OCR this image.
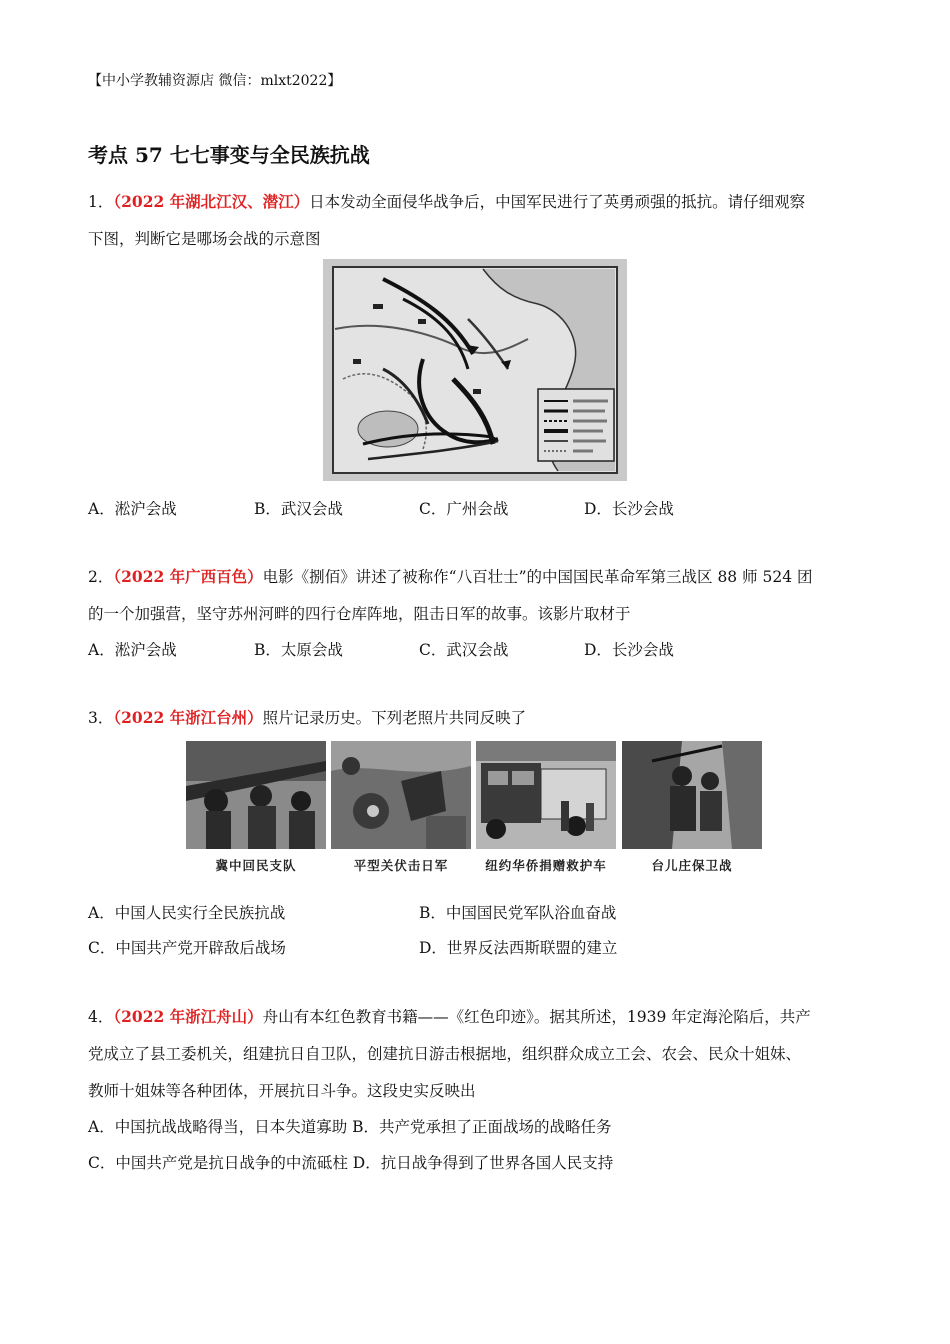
【中小学教辅资源店 微信：mlxt2022】
考点 57 七七事变与全民族抗战

1．（2022 年湖北江汉、潜江）日本发动全面侵华战争后，中国军民进行了英勇顽强的抵抗。请仔细观察

下图，判断它是哪场会战的示意图

A．淞沪会战	B．武汉会战	C．广州会战	D．长沙会战

2．（2022 年广西百色）电影《捌佰》讲述了被称作“八百壮士”的中国国民革命军第三战区 88 师 524 团

的一个加强营，坚守苏州河畔的四行仓库阵地，阻击日军的故事。该影片取材于

A．淞沪会战	B．太原会战	C．武汉会战	D．长沙会战

3．（2022 年浙江台州）照片记录历史。下列老照片共同反映了

冀中回民支队	平型关伏击日军	纽约华侨捐赠救护车	台儿庄保卫战
A．中国人民实行全民族抗战	B．中国国民党军队浴血奋战
C．中国共产党开辟敌后战场	D．世界反法西斯联盟的建立

4．（2022 年浙江舟山）舟山有本红色教育书籍——《红色印迹》。据其所述，1939 年定海沦陷后，共产

党成立了县工委机关，组建抗日自卫队，创建抗日游击根据地，组织群众成立工会、农会、民众十姐妹、

教师十姐妹等各种团体，开展抗日斗争。这段史实反映出

A．中国抗战战略得当，日本失道寡助 B．共产党承担了正面战场的战略任务
C．中国共产党是抗日战争的中流砥柱 D．抗日战争得到了世界各国人民支持
